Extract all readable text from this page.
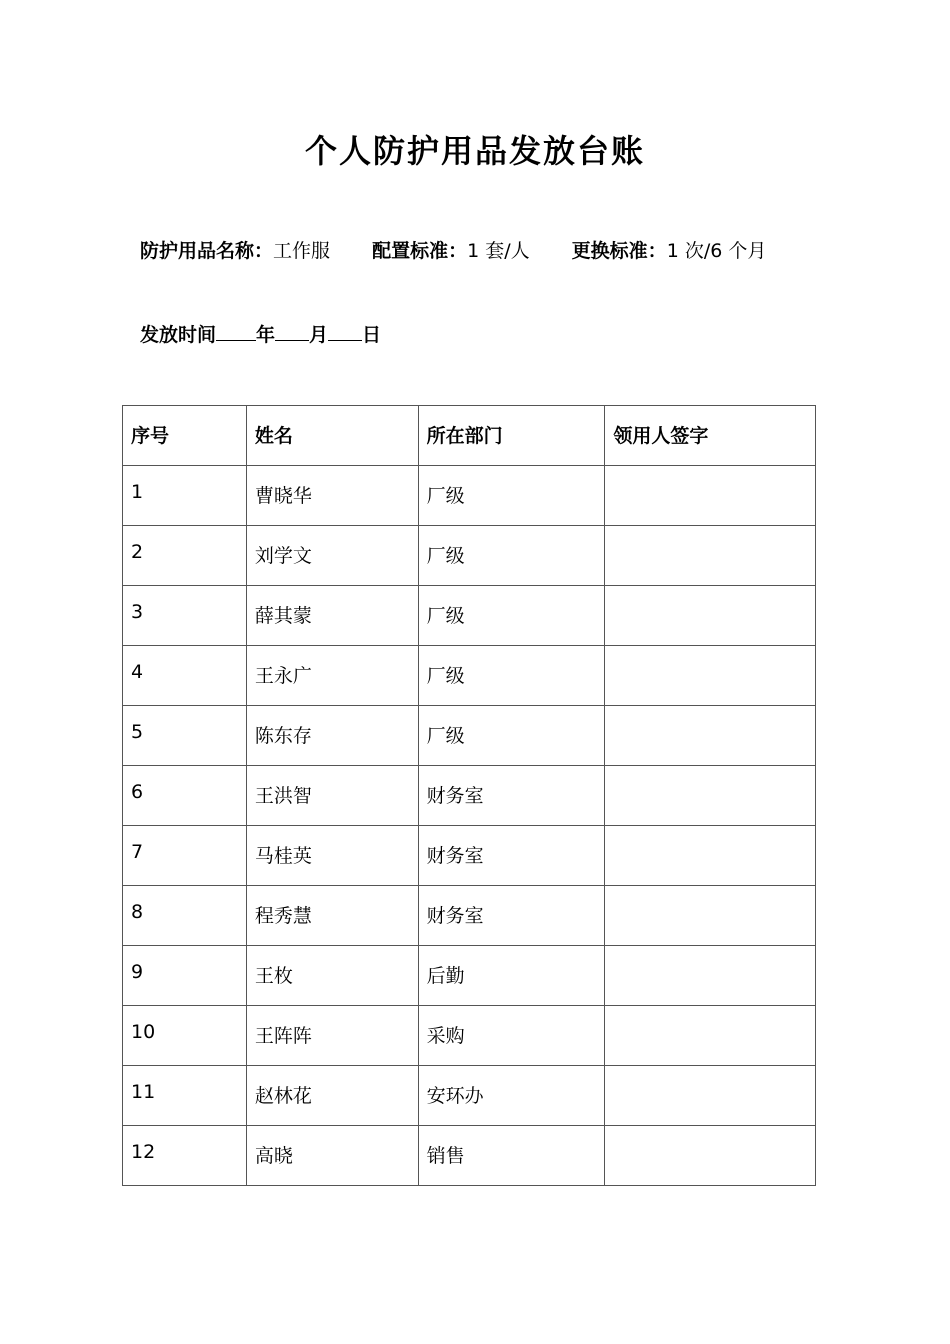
个人防护用品发放台账
防护用品名称：工作服 配置标准：1 套/人 更换标准：1 次/6 个月
发放时间 年 月 日
序号	姓名	所在部门	领用人签字
1	曹晓华	厂级	
2	刘学文	厂级	
3	薛其蒙	厂级	
4	王永广	厂级	
5	陈东存	厂级	
6	王洪智	财务室	
7	马桂英	财务室	
8	程秀慧	财务室	
9	王枚	后勤	
10	王阵阵	采购	
11	赵林花	安环办	
12	高晓	销售	
